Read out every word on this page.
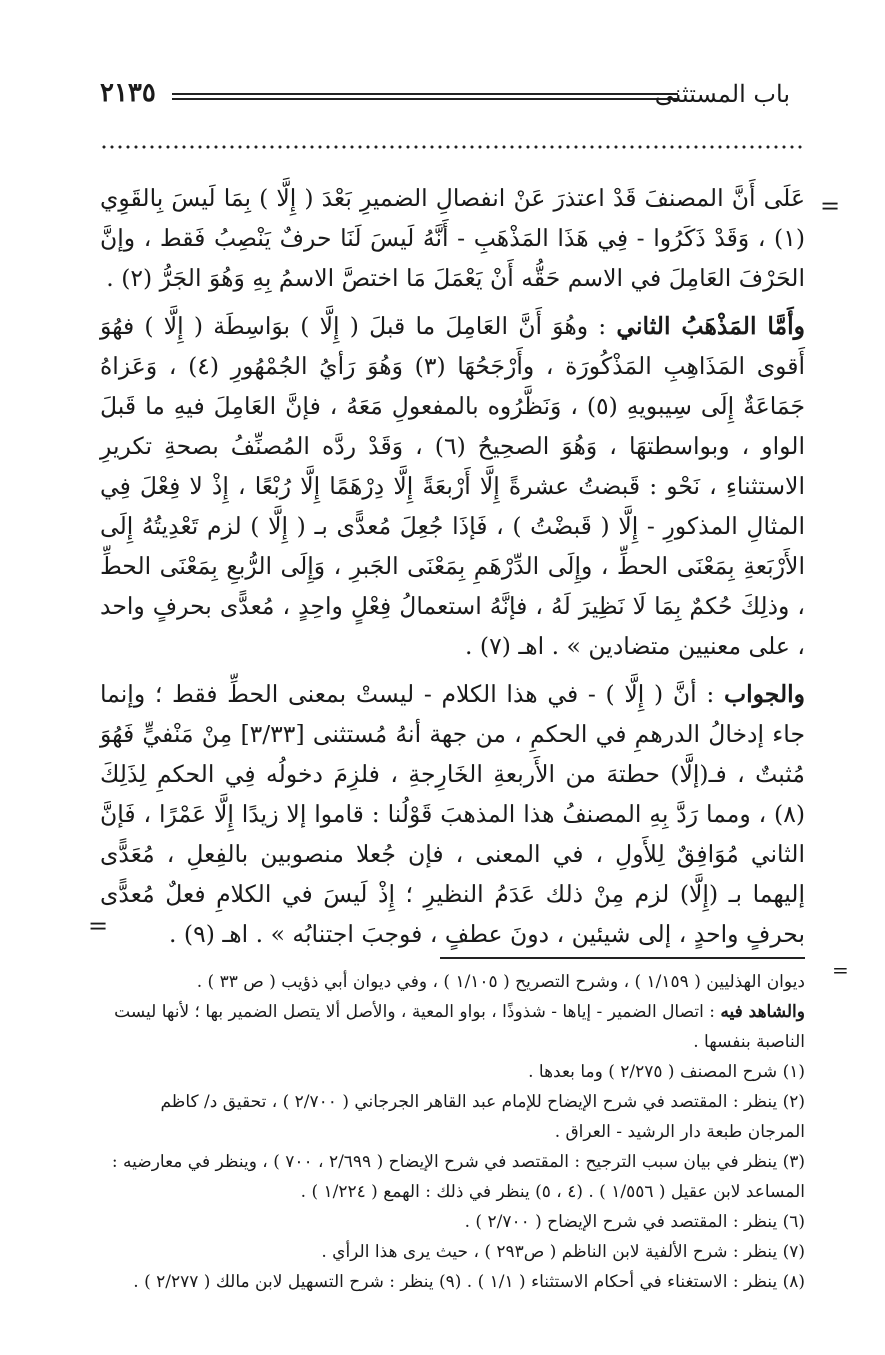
٢١٣٥	باب المستثنى
=
=

عَلَى أَنَّ المصنفَ قَدْ اعتذرَ عَنْ انفصالِ الضميرِ بَعْدَ ( إِلَّا ) بِمَا لَيسَ بِالقَوِي (١) ، وَقَدْ ذَكَرُوا - فِي هَذَا المَذْهَبِ - أَنَّهُ لَيسَ لَنَا حرفٌ يَنْصِبُ فَقط ، وإنَّ الحَرْفَ العَامِلَ في الاسم حَقُّه أَنْ يَعْمَلَ مَا اختصَّ الاسمُ بِهِ وَهُوَ الجَرُّ (٢) .

وأَمَّا المَذْهَبُ الثاني : وهُوَ أَنَّ العَامِلَ ما قبلَ ( إِلَّا ) بوَاسِطَة ( إِلَّا ) فهُوَ أَقوى المَذَاهِبِ المَذْكُورَة ، وأَرْجَحُهَا (٣) وَهُوَ رَأيُ الجُمْهُورِ (٤) ، وَعَزاهُ جَمَاعَةٌ إِلَى سِيبويهِ (٥) ، وَنَظَّرُوه بالمفعولِ مَعَهُ ، فإنَّ العَامِلَ فيهِ ما قَبلَ الواو ، وبواسطتهَا ، وَهُوَ الصحِيحُ (٦) ، وَقَدْ ردَّه المُصنِّفُ بصحةِ تكريرِ الاستثناءِ ، نَحْو : قَبضتُ عشرةً إِلَّا أَرْبعَةً إِلَّا دِرْهَمًا إِلَّا رُبْعًا ، إِذْ لا فِعْلَ فِي المثالِ المذكورِ - إِلَّا ( قَبضْتُ ) ، فَإذَا جُعِلَ مُعدًّى بـ ( إِلَّا ) لزم تَعْدِيتُهُ إِلَى الأَرْبَعةِ بِمَعْنَى الحطِّ ، وإِلَى الدِّرْهَمِ بِمَعْنَى الجَبرِ ، وَإِلَى الرُّبعِ بِمَعْنَى الحطِّ ، وذلِكَ حُكمٌ بِمَا لَا نَظِيرَ لَهُ ، فإنَّهُ استعمالُ فِعْلٍ واحِدٍ ، مُعدًّى بحرفٍ واحد ، على معنيين متضادين » . اهـ (٧) .

والجواب : أنَّ ( إِلَّا ) - في هذا الكلام - ليستْ بمعنى الحطِّ فقط ؛ وإنما جاء إدخالُ الدرهمِ في الحكمِ ، من جهة أنهُ مُستثنى [٣/٣٣] مِنْ مَنْفيٍّ فَهُوَ مُثبتٌ ، فـ(إلَّا) حطتهَ من الأَربعةِ الخَارِجةِ ، فلزِمَ دخولُه فِي الحكمِ لِذَلِكَ (٨) ، ومما رَدَّ بِهِ المصنفُ هذا المذهبَ قَوْلُنا : قاموا إلا زيدًا إِلَّا عَمْرًا ، فَإنَّ الثاني مُوَافِقٌ لِلأَولِ ، في المعنى ، فإن جُعلا منصوبين بالفِعلِ ، مُعَدًّى إليهما بـ (إِلَّا) لزم مِنْ ذلك عَدَمُ النظيرِ ؛ إِذْ لَيسَ في الكلامِ فعلٌ مُعدًّى بحرفٍ واحدٍ ، إلى شيئين ، دونَ عطفٍ ، فوجبَ اجتنابُه » . اهـ (٩) .

=

ديوان الهذليين ( ١/١٥٩ ) ، وشرح التصريح ( ١/١٠٥ ) ، وفي ديوان أبي ذؤيب ( ص ٣٣ ) .

والشاهد فيه : اتصال الضمير - إياها - شذوذًا ، بواو المعية ، والأصل ألا يتصل الضمير بها ؛ لأنها ليست الناصبة بنفسها .

(١) شرح المصنف ( ٢/٢٧٥ ) وما بعدها .

(٢) ينظر : المقتصد في شرح الإيضاح للإمام عبد القاهر الجرجاني ( ٢/٧٠٠ ) ، تحقيق د/ كاظم المرجان طبعة دار الرشيد - العراق .

(٣) ينظر في بيان سبب الترجيح : المقتصد في شرح الإيضاح ( ٢/٦٩٩ ، ٧٠٠ ) ، وينظر في معارضيه : المساعد لابن عقيل ( ١/٥٥٦ ) . (٤ ، ٥) ينظر في ذلك : الهمع ( ١/٢٢٤ ) .

(٦) ينظر : المقتصد في شرح الإيضاح ( ٢/٧٠٠ ) .

(٧) ينظر : شرح الألفية لابن الناظم ( ص٢٩٣ ) ، حيث يرى هذا الرأي .

(٨) ينظر : الاستغناء في أحكام الاستثناء ( ١/١ ) . (٩) ينظر : شرح التسهيل لابن مالك ( ٢/٢٧٧ ) .
